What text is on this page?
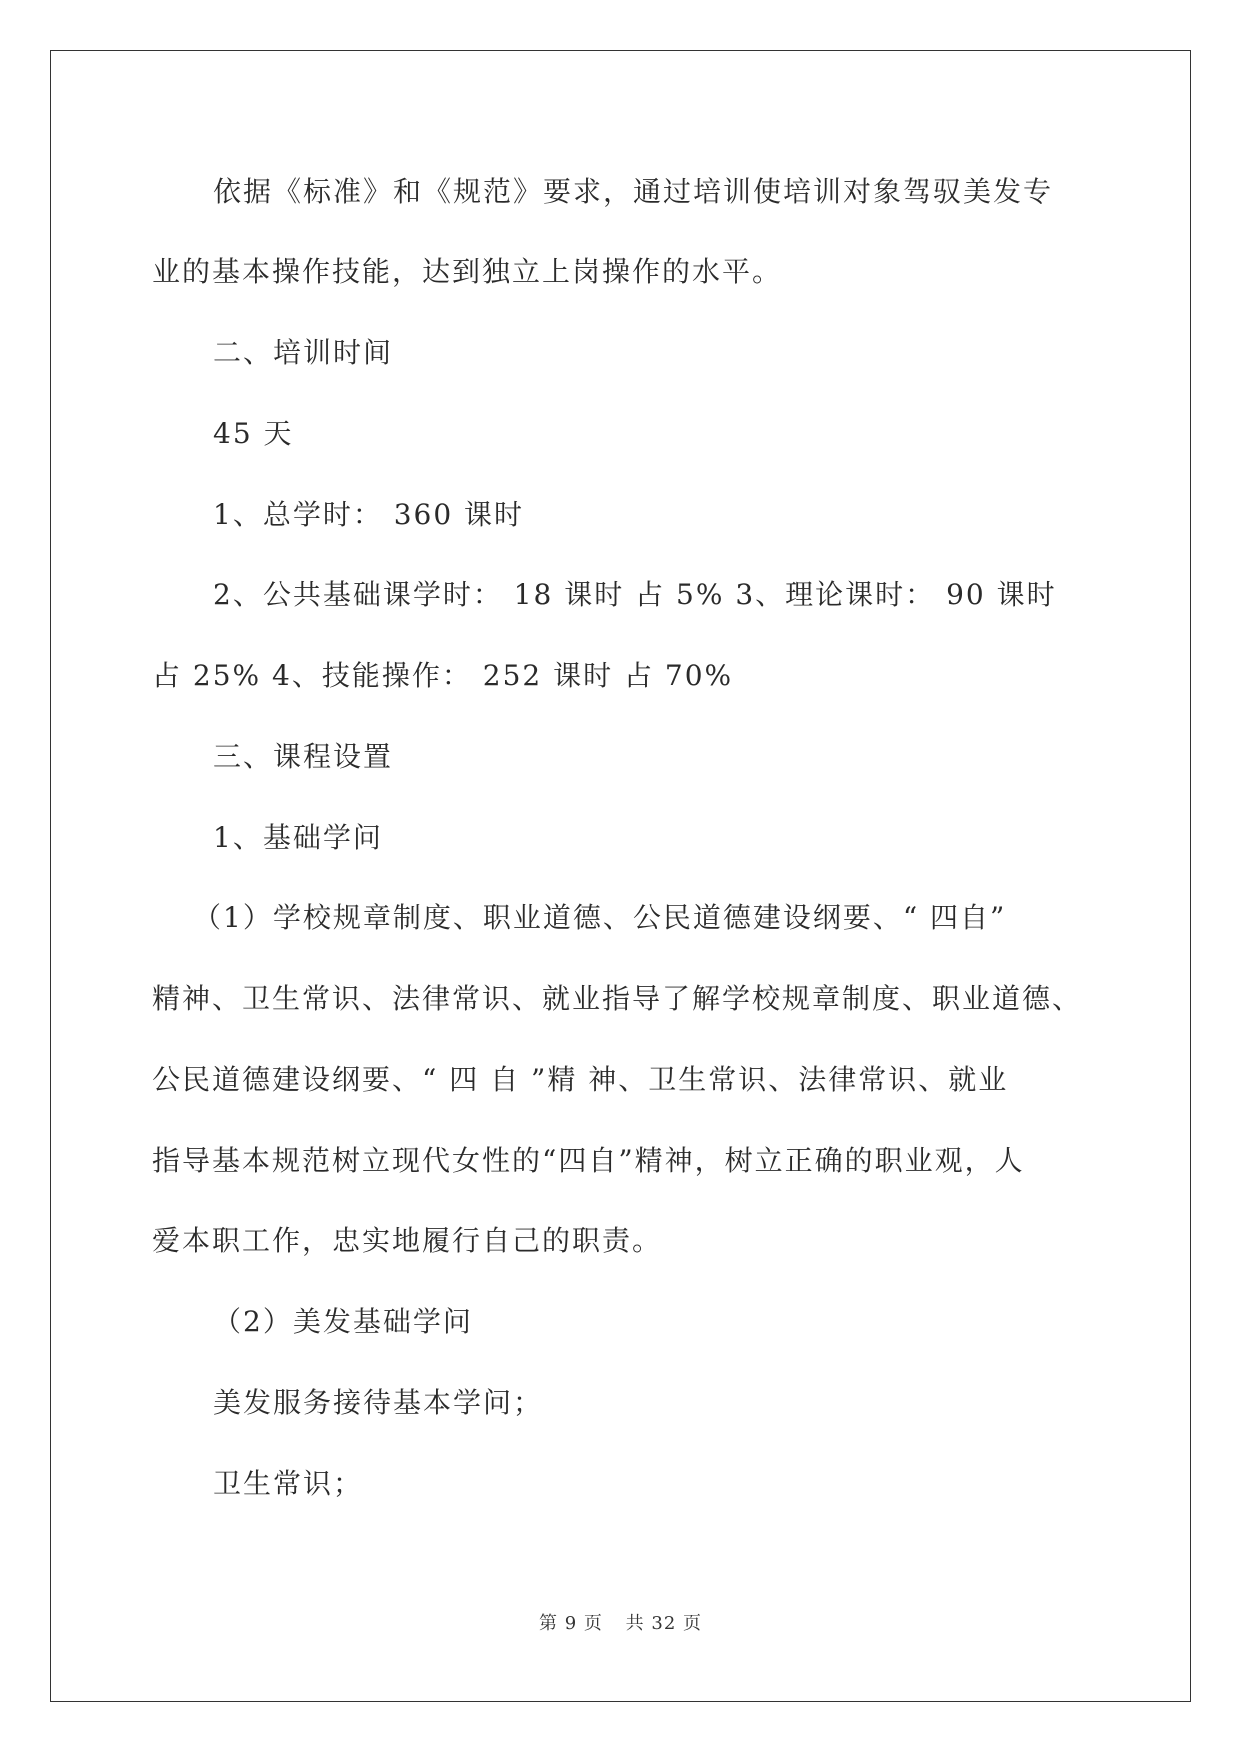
依据《标准》和《规范》要求，通过培训使培训对象驾驭美发专
业的基本操作技能，达到独立上岗操作的水平。
二、培训时间
45 天
1、总学时： 360 课时
2、公共基础课学时： 18 课时 占 5% 3、理论课时： 90 课时
占 25% 4、技能操作： 252 课时 占 70%
三、课程设置
1、基础学问
（1）学校规章制度、职业道德、公民道德建设纲要、“ 四自”
精神、卫生常识、法律常识、就业指导了解学校规章制度、职业道德、
公民道德建设纲要、“ 四 自 ”精 神、卫生常识、法律常识、就业
指导基本规范树立现代女性的“四自”精神，树立正确的职业观，人
爱本职工作，忠实地履行自己的职责。
（2）美发基础学问
美发服务接待基本学问；
卫生常识；
第 9 页 共 32 页
